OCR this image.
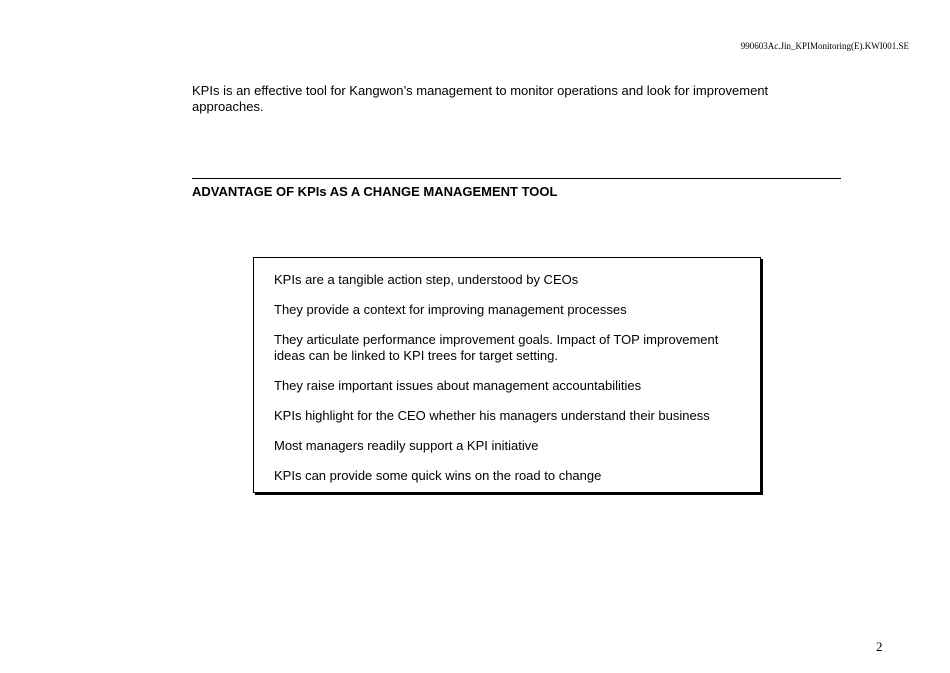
990603Ac.Jin_KPIMonitoring(E).KWI001.SE

KPIs is an effective tool for Kangwon’s management to monitor operations and look for improvement approaches.

ADVANTAGE OF KPIs AS A CHANGE MANAGEMENT TOOL
KPIs are a tangible action step, understood by CEOs
They provide a context for improving management processes
They articulate performance improvement goals. Impact of TOP improvement ideas can be linked to KPI trees for target setting.
They raise important issues about management accountabilities
KPIs highlight for the CEO whether his managers understand their business
Most managers readily support a KPI initiative
KPIs can provide some quick wins on the road to change
2
